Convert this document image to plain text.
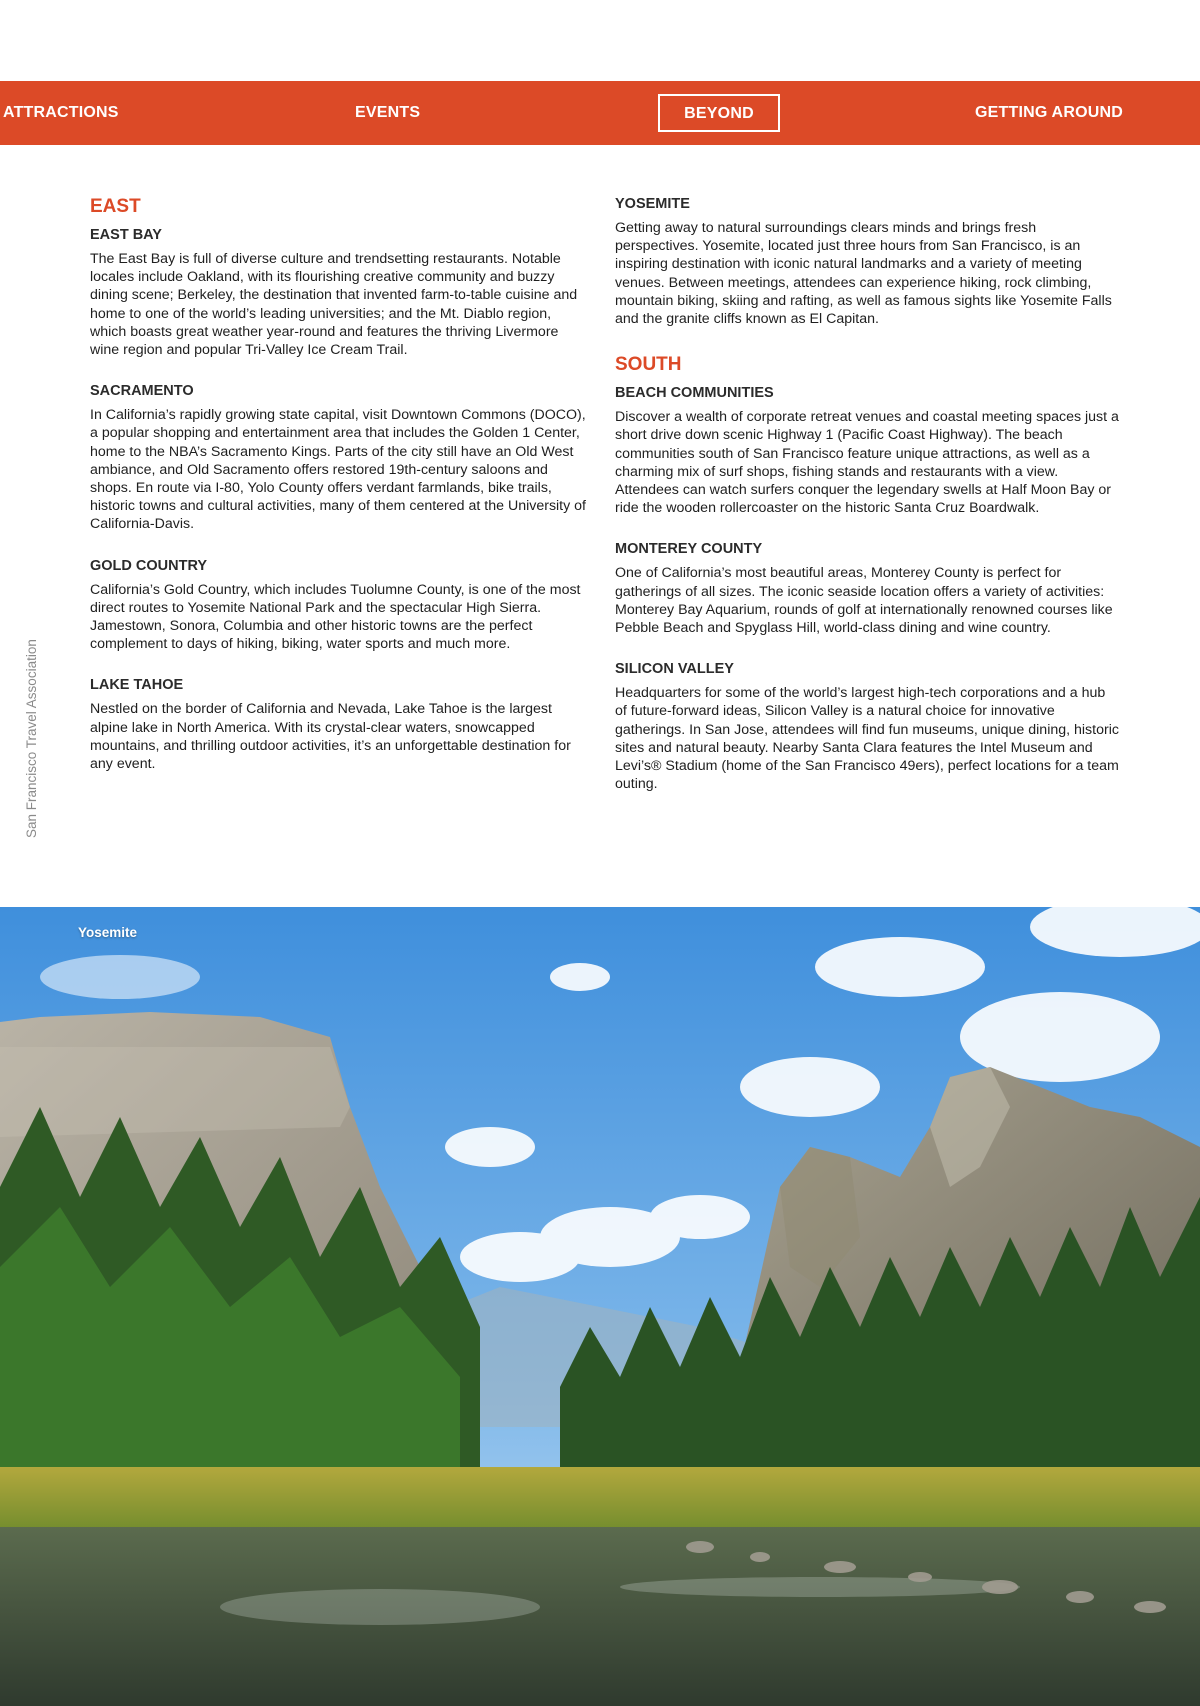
ATTRACTIONS	EVENTS	BEYOND	GETTING AROUND
EAST
EAST BAY

The East Bay is full of diverse culture and trendsetting restaurants. Notable locales include Oakland, with its flourishing creative community and buzzy dining scene; Berkeley, the destination that invented farm-to-table cuisine and home to one of the world’s leading universities; and the Mt. Diablo region, which boasts great weather year-round and features the thriving Livermore wine region and popular Tri-Valley Ice Cream Trail.

SACRAMENTO

In California’s rapidly growing state capital, visit Downtown Commons (DOCO), a popular shopping and entertainment area that includes the Golden 1 Center, home to the NBA’s Sacramento Kings. Parts of the city still have an Old West ambiance, and Old Sacramento offers restored 19th-century saloons and shops. En route via I-80, Yolo County offers verdant farmlands, bike trails, historic towns and cultural activities, many of them centered at the University of California-Davis.

GOLD COUNTRY

California’s Gold Country, which includes Tuolumne County, is one of the most direct routes to Yosemite National Park and the spectacular High Sierra. Jamestown, Sonora, Columbia and other historic towns are the perfect complement to days of hiking, biking, water sports and much more.

LAKE TAHOE

Nestled on the border of California and Nevada, Lake Tahoe is the largest alpine lake in North America. With its crystal-clear waters, snowcapped mountains, and thrilling outdoor activities, it’s an unforgettable destination for any event.

YOSEMITE

Getting away to natural surroundings clears minds and brings fresh perspectives. Yosemite, located just three hours from San Francisco, is an inspiring destination with iconic natural landmarks and a variety of meeting venues. Between meetings, attendees can experience hiking, rock climbing, mountain biking, skiing and rafting, as well as famous sights like Yosemite Falls and the granite cliffs known as El Capitan.

SOUTH
BEACH COMMUNITIES

Discover a wealth of corporate retreat venues and coastal meeting spaces just a short drive down scenic Highway 1 (Pacific Coast Highway). The beach communities south of San Francisco feature unique attractions, as well as a charming mix of surf shops, fishing stands and restaurants with a view. Attendees can watch surfers conquer the legendary swells at Half Moon Bay or ride the wooden rollercoaster on the historic Santa Cruz Boardwalk.

MONTEREY COUNTY

One of California’s most beautiful areas, Monterey County is perfect for gatherings of all sizes. The iconic seaside location offers a variety of activities: Monterey Bay Aquarium, rounds of golf at internationally renowned courses like Pebble Beach and Spyglass Hill, world-class dining and wine country.

SILICON VALLEY

Headquarters for some of the world’s largest high-tech corporations and a hub of future-forward ideas, Silicon Valley is a natural choice for innovative gatherings. In San Jose, attendees will find fun museums, unique dining, historic sites and natural beauty. Nearby Santa Clara features the Intel Museum and Levi’s® Stadium (home of the San Francisco 49ers), perfect locations for a team outing.

San Francisco Travel Association
Yosemite
